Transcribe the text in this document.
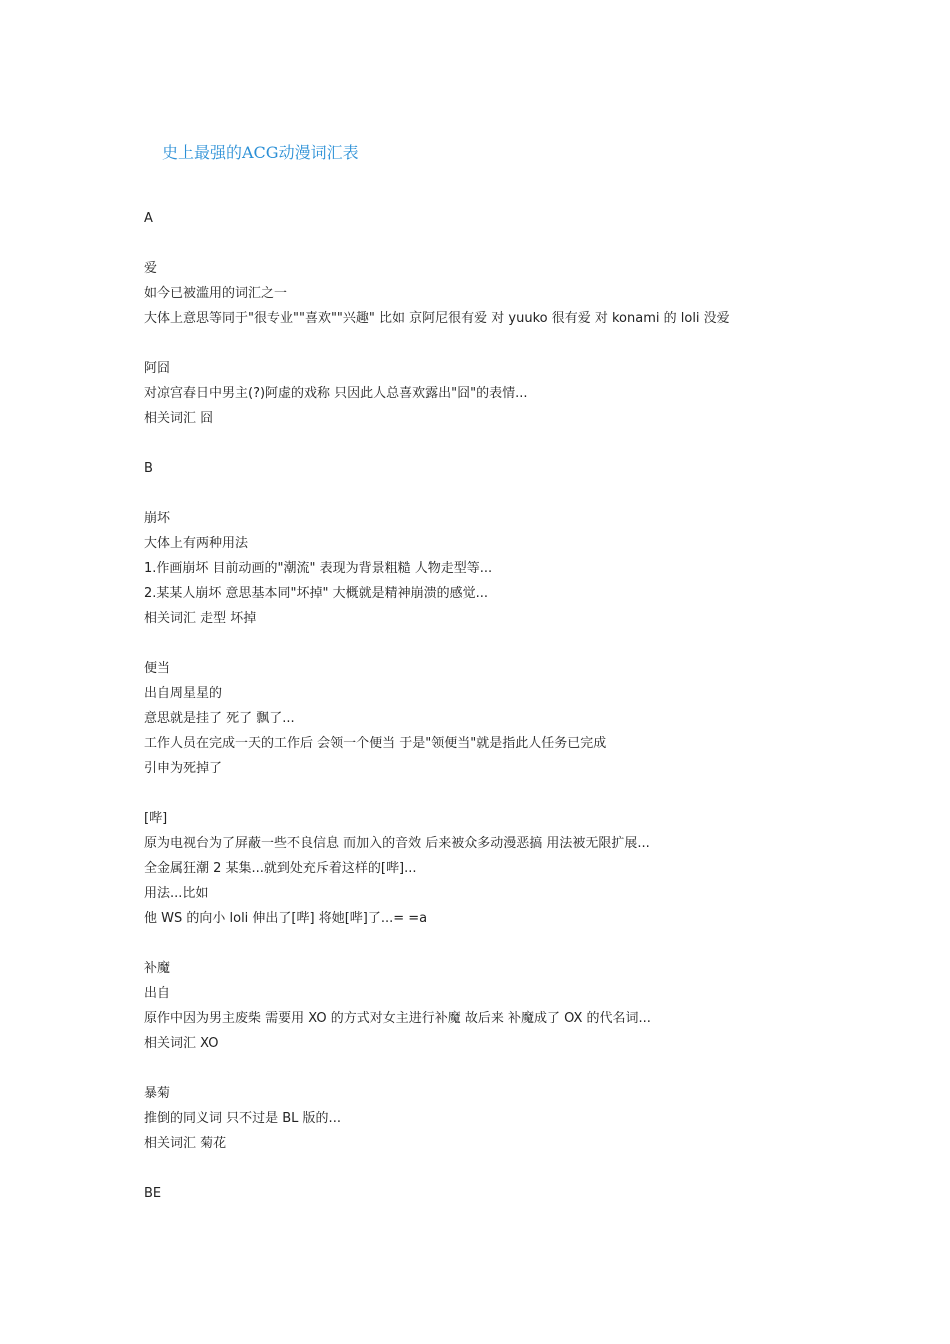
史上最强的ACG动漫词汇表
A
爱
如今已被滥用的词汇之一
大体上意思等同于"很专业""喜欢""兴趣" 比如 京阿尼很有爱 对 yuuko 很有爱 对 konami 的 loli 没爱
阿囧
对凉宫春日中男主(?)阿虚的戏称 只因此人总喜欢露出"囧"的表情...
相关词汇 囧
B
崩坏
大体上有两种用法
1.作画崩坏 目前动画的"潮流" 表现为背景粗糙 人物走型等...
2.某某人崩坏 意思基本同"坏掉" 大概就是精神崩溃的感觉...
相关词汇 走型 坏掉
便当
出自周星星的
意思就是挂了 死了 飘了...
工作人员在完成一天的工作后 会领一个便当 于是"领便当"就是指此人任务已完成
引申为死掉了
[哔]
原为电视台为了屏蔽一些不良信息 而加入的音效 后来被众多动漫恶搞 用法被无限扩展...
全金属狂潮 2 某集...就到处充斥着这样的[哔]...
用法...比如
他 WS 的向小 loli 伸出了[哔] 将她[哔]了...= =a
补魔
出自
原作中因为男主废柴 需要用 XO 的方式对女主进行补魔 故后来 补魔成了 OX 的代名词...
相关词汇 XO
暴菊
推倒的同义词 只不过是 BL 版的...
相关词汇 菊花
BE
